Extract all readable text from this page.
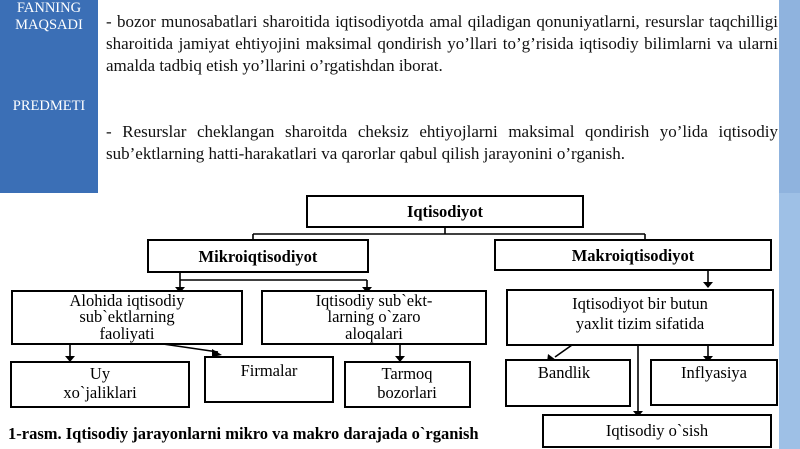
FANNING
MAQSADI
PREDMETI
- bozor munosabatlari sharoitida iqtisodiyotda amal qiladigan qonuniyatlarni, resurslar taqchilligi sharoitida jamiyat ehtiyojini maksimal qondirish yo’llari to’g’risida iqtisodiy bilimlarni va ularni amalda tadbiq etish yo’llarini o’rgatishdan iborat.
- Resurslar cheklangan sharoitda cheksiz ehtiyojlarni maksimal qondirish yo’lida iqtisodiy sub’ektlarning hatti-harakatlari va qarorlar qabul qilish jarayonini o’rganish.
Iqtisodiyot
Mikroiqtisodiyot	Makroiqtisodiyot
Alohida iqtisodiy
sub`ektlarning
faoliyati
Iqtisodiy sub`ekt-
larning o`zaro
aloqalari
Iqtisodiyot bir butun
yaxlit tizim sifatida
Uy
xo`jaliklari
Firmalar	Tarmoq
bozorlari
Bandlik	Inflyasiya
Iqtisodiy o`sish
1-rasm. Iqtisodiy jarayonlarni mikro va makro darajada o`rganish
